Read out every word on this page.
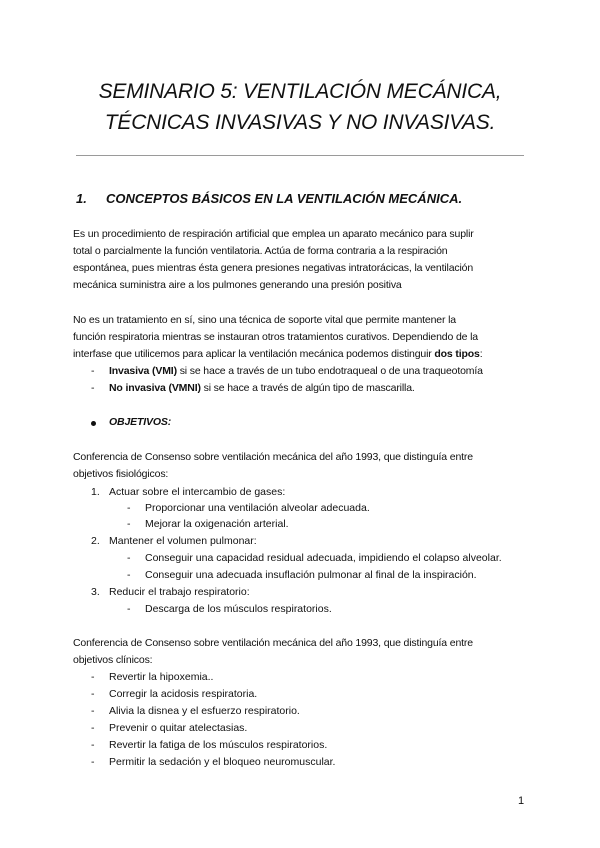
SEMINARIO 5: VENTILACIÓN MECÁNICA,
TÉCNICAS INVASIVAS Y NO INVASIVAS.
1. CONCEPTOS BÁSICOS EN LA VENTILACIÓN MECÁNICA.
Es un procedimiento de respiración artificial que emplea un aparato mecánico para suplir
total o parcialmente la función ventilatoria. Actúa de forma contraria a la respiración
espontánea, pues mientras ésta genera presiones negativas intratorácicas, la ventilación
mecánica suministra aire a los pulmones generando una presión positiva
No es un tratamiento en sí, sino una técnica de soporte vital que permite mantener la
función respiratoria mientras se instauran otros tratamientos curativos. Dependiendo de la
interfase que utilicemos para aplicar la ventilación mecánica podemos distinguir dos tipos:
- Invasiva (VMI) si se hace a través de un tubo endotraqueal o de una traqueotomía
- No invasiva (VMNI) si se hace a través de algún tipo de mascarilla.
OBJETIVOS:
Conferencia de Consenso sobre ventilación mecánica del año 1993, que distinguía entre
objetivos fisiológicos:
1. Actuar sobre el intercambio de gases:
- Proporcionar una ventilación alveolar adecuada.
- Mejorar la oxigenación arterial.
2. Mantener el volumen pulmonar:
- Conseguir una capacidad residual adecuada, impidiendo el colapso alveolar.
- Conseguir una adecuada insuflación pulmonar al final de la inspiración.
3. Reducir el trabajo respiratorio:
- Descarga de los músculos respiratorios.
Conferencia de Consenso sobre ventilación mecánica del año 1993, que distinguía entre
objetivos clínicos:
- Revertir la hipoxemia..
- Corregir la acidosis respiratoria.
- Alivia la disnea y el esfuerzo respiratorio.
- Prevenir o quitar atelectasias.
- Revertir la fatiga de los músculos respiratorios.
- Permitir la sedación y el bloqueo neuromuscular.
1
